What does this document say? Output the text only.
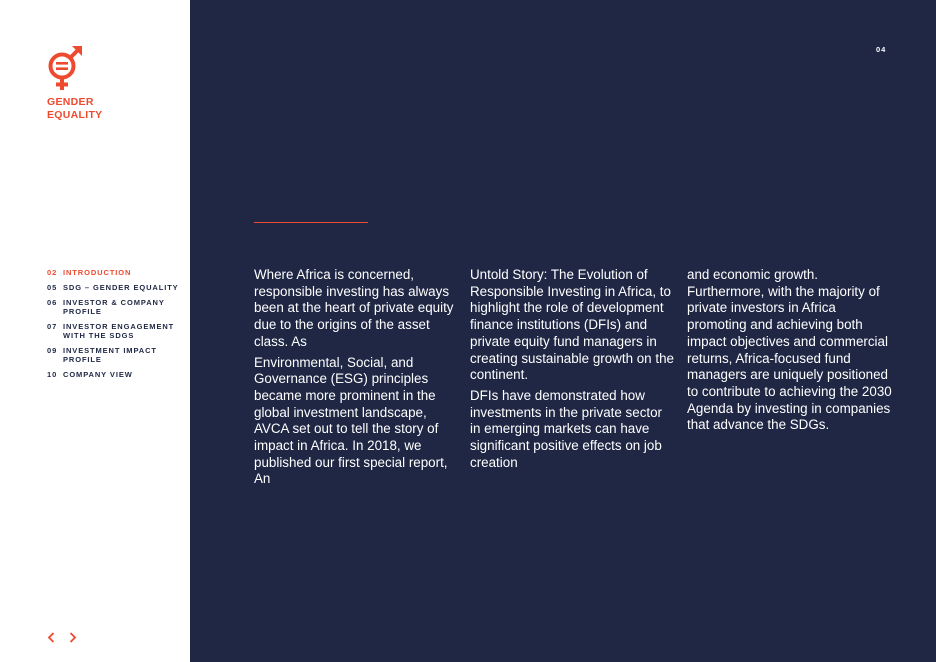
GENDER
EQUALITY
02 INTRODUCTION
05 SDG – GENDER EQUALITY
06 INVESTOR & COMPANY PROFILE
07 INVESTOR ENGAGEMENT WITH THE SDGS
09 INVESTMENT IMPACT PROFILE
10 COMPANY VIEW
04

Where Africa is concerned, responsible investing has always been at the heart of private equity due to the origins of the asset class. As

Environmental, Social, and Governance (ESG) principles became more prominent in the global investment landscape, AVCA set out to tell the story of impact in Africa. In 2018, we published our first special report, An

Untold Story: The Evolution of Responsible Investing in Africa, to highlight the role of development finance institutions (DFIs) and private equity fund managers in creating sustainable growth on the continent.

DFIs have demonstrated how investments in the private sector in emerging markets can have significant positive effects on job creation

and economic growth. Furthermore, with the majority of private investors in Africa promoting and achieving both impact objectives and commercial returns, Africa-focused fund managers are uniquely positioned to contribute to achieving the 2030 Agenda by investing in companies that advance the SDGs.
